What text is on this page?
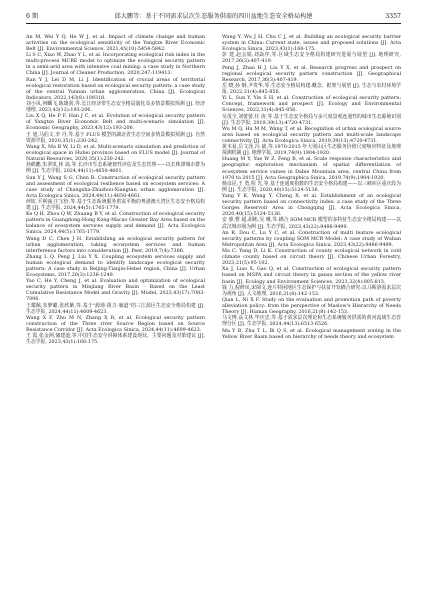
6 期	邱大鹏等：基于不同需求层次生态服务供需的四川盆地生态安全格局构建	3357

An M, Wei Y Q, He W J, et al. Impact of climate change and human activities on the ecological sensitivity of the Yangtze River Economic Belt [J]. Environmental Science, 2021,45(10):5454-5842.

Li S C, Xiao W, Zhao Y L, et al. Incorporating ecological risk index in the multi-process MCRE model to optimize the ecological security pattern in a semi-arid area with intensive coal mining: a case study in Northern China [J]. Journal of Cleaner Production, 2020,247:119413.

Ran Y J, Lei D M, Li J. Identification of crucial areas of territorial ecological restoration based on ecological security pattern: a case study of the central Yunnan urban agglomeration, China [J]. Ecological Indicators, 2022,143(8):109318.

刘小凤,何麟飞,陈雄剑,等.长江经济带生态安全格局演化及多情景模拟预测 [J]. 经济地理, 2023,43(12):193-206.

Liu X Q, He P F, Han J C, et al. Evolution of ecological security pattern of Yangtze River Economic Belt and multi-scenario simulation [J]. Economic Geography, 2023,43(12):193-206.

王 旭,马伯文,李 丹,等.基于 FLUS 模型的湖北省生态空间多情景模拟预测 [J]. 自然资源学报, 2020,35(1):230-242.

Wang X, Ma B W, Li D, et al. Multi-scenario simulation and prediction of ecological space in Hubei province based on FLUS model [J]. Journal of Natural Resources, 2020,35(1):230-242.

孙鹤鹏,朱翠岚,林 嵩,等.长沙市生态系统韧性评估及生态管理——以长株潭城市群为例 [J]. 生态学报, 2024,44(11):4650-4661.

Sun Y J, Wang S G, Chen B. Construction of ecological security pattern and assessment of ecological resilience based on ecosystem services: A case study of Changsha-Zhuzhou-Xiangtan urban agglomeration [J]. Acta Ecologica Sinica, 2024,44(11):4650-4661.

何钦,平利丽,庄宝怡,等.基于生态系统服务供需平衡的粤港澳大湾区生态安全格局构建 [J]. 生态学报, 2024,44(5):1765-1779.

Ke Q H, Zhou Q W, Zhuang B Y, et al. Construction of ecological security pattern in Guangdong-Hong Kong-Macao Greater Bay Area based on the balance of ecosystem services supply and demand [J]. Acta Ecologica Sinica, 2024,44(5):1765-1779.

Wang D C, Chen J H. Establishing an ecological security pattern for urban agglomeration, taking ecosystem services and human interference factors into consideration [J]. Peer, 2019,7(4):7306.

Zhang L Q, Peng J, Liu Y X. Coupling ecosystem services supply and human ecological demand to identify landscape ecological security pattern: A case study in Beijing-Tianjin-Hebei region, China [J]. Urban Ecosystems, 2017,20(3):1236-1249.

Yao C, He Y, Cheng J, et al. Evaluation and optimization of ecological security pattern in Minjiang River Basin - Based on the Least Cumulative Resistance Model and Gravity [J]. Model, 2023,43(17):7083-7096.

王耀佩,朱梦璐,张欣紫,等.基于"源地-阻力-廊道"的三江源区生态安全格局构建 [J]. 生态学报, 2024,44(11):4609-4623.

Wang X F, Zhu M N, Zhang X R, et al. Ecological security pattern construction of the Three river Source Region based on Source Resistance Corridor [J]. Acta Ecologica Sinica, 2024,44(11):4609-4623.

王 霞,张金洲,储建道,等.中国生态安全屏障体系建设现状、主要问题及对策建议 [J]. 生态学报, 2023,43(1):166-175.

Wang Y, Wu J H, Chu C J, et al. Building an ecological security barrier system in China: Current state, issues and proposed solutions [J]. Acta Ecologica Sinica, 2023,43(1):166-175.

彭 建,赵会娟,刘焱序,等.区域生态安全格局构建研究进展与展望 [J]. 地理研究, 2017,36(3):407-419.

Peng J, Zhao H J, Liu Y X, et al. Research progress and prospect on regional ecological security pattern construction [J]. Geographical Research, 2017,36(3):407-419.

岳 晓,孙 炯,尹贵华,等.生态安全格局构建:概念、框架与展望 [J]. 生态与农村环境学报, 2022,31(4):845-856.

Yi L, Sun Y, Yin S H, et al. Construction of ecological security pattern: Concept, framework and prospect [J]. Ecology and Environmental Sciences, 2022,31(4):845-856.

吴茂全,刘蕾蕾,任 涛,等.基于生态安全格局与多尺度景观连通性的城市生态源地识别 [J]. 生态学报, 2019,39(13):4720-4731.

Wu M Q, Hu M M, Wang T, et al. Recognition of urban ecological source area based on ecological security pattern and multi-scale landscape connectivity [J]. Acta Ecologica Sinica, 2019,39(13):4720-4731.

黄木易,岳文泽,冯 斌,等.1970-2015 年大别山区生态服务价值尺度响应特征及地理探测机制 [J]. 地理学报, 2019,74(9):1904-1920.

Huang M Y, Yue W Z, Feng B, et al. Scale response characteristics and geographic exploration mechanism of spatial differentiation of ecosystem service values in Dabie Mountain area, central China from 1970 to 2015 [J]. Acta Geographica Sinica, 2019,74(9):1904-1920.

杨彦昆,王 勇,程 先,等.基于连通度指数的生态安全格局构建——以三峡库区重庆段为例 [J]. 生态学报, 2020,40(15):5124-5136.

Yang Y K, Wang Y, Cheng X, et al. Establishment of an ecological security pattern based on connectivity index: a case study of the Three Gorges Reservoir Area in Chongqing [J]. Acta Ecologica Sinica, 2020,40(15):5124-5136.

安 睿,曹 超,胡彬,吴 琳,等.耦合 SOM-MCR 模型的多特征生态安全格局构建——以武汉城市圈为例 [J]. 生态学报, 2023,43(22):9486-9499.

An R, Dou C, Lu Y C, et al. Construction of multi feature ecological security patterns by coupling SOM MCR Model: A case study of Wuhan Metropolitan Area [J]. Acta Ecologica Sinica, 2023,43(22):9486-9499.

Ma C, Yang D, Li K. Construction of county ecological network in cold climate county based on circuit theory [J]. Chinese Urban Forestry, 2023,21(5):95-102.

Xu J, Liao X, Gao Q, et al. Construction of ecological security pattern based on MSPA and circuit theory in gansu section of the yellow river basin [J]. Ecology and Environment Sciences, 2023,32(4):805-813.

钱 力,倪修凤,宋阔文.连片特困地区生态保护与扶贫开发耦合研究:以马斯洛需求层次为视角 [J]. 人文地理, 2016,21(8):142-153.

Qian L, Ni X F. Study on the evaluation and promotion path of poverty alleviation policy: from the perspective of Maslow's Hierarchy of Needs Theory [J]. Human Geography, 2016,21(8):142-153.

马文博,鬲文林,毕庆忠,等.基于需求层次理论和生态系统服务供需的黄河流域生态管理分区 [J]. 生态学报, 2024,44(13):6513-6526.

Ma Y B, Zhu T L, Bi Q S, et al. Ecological management zoning in the Yellow River Basin based on hierarchy of needs theory and ecosystem
